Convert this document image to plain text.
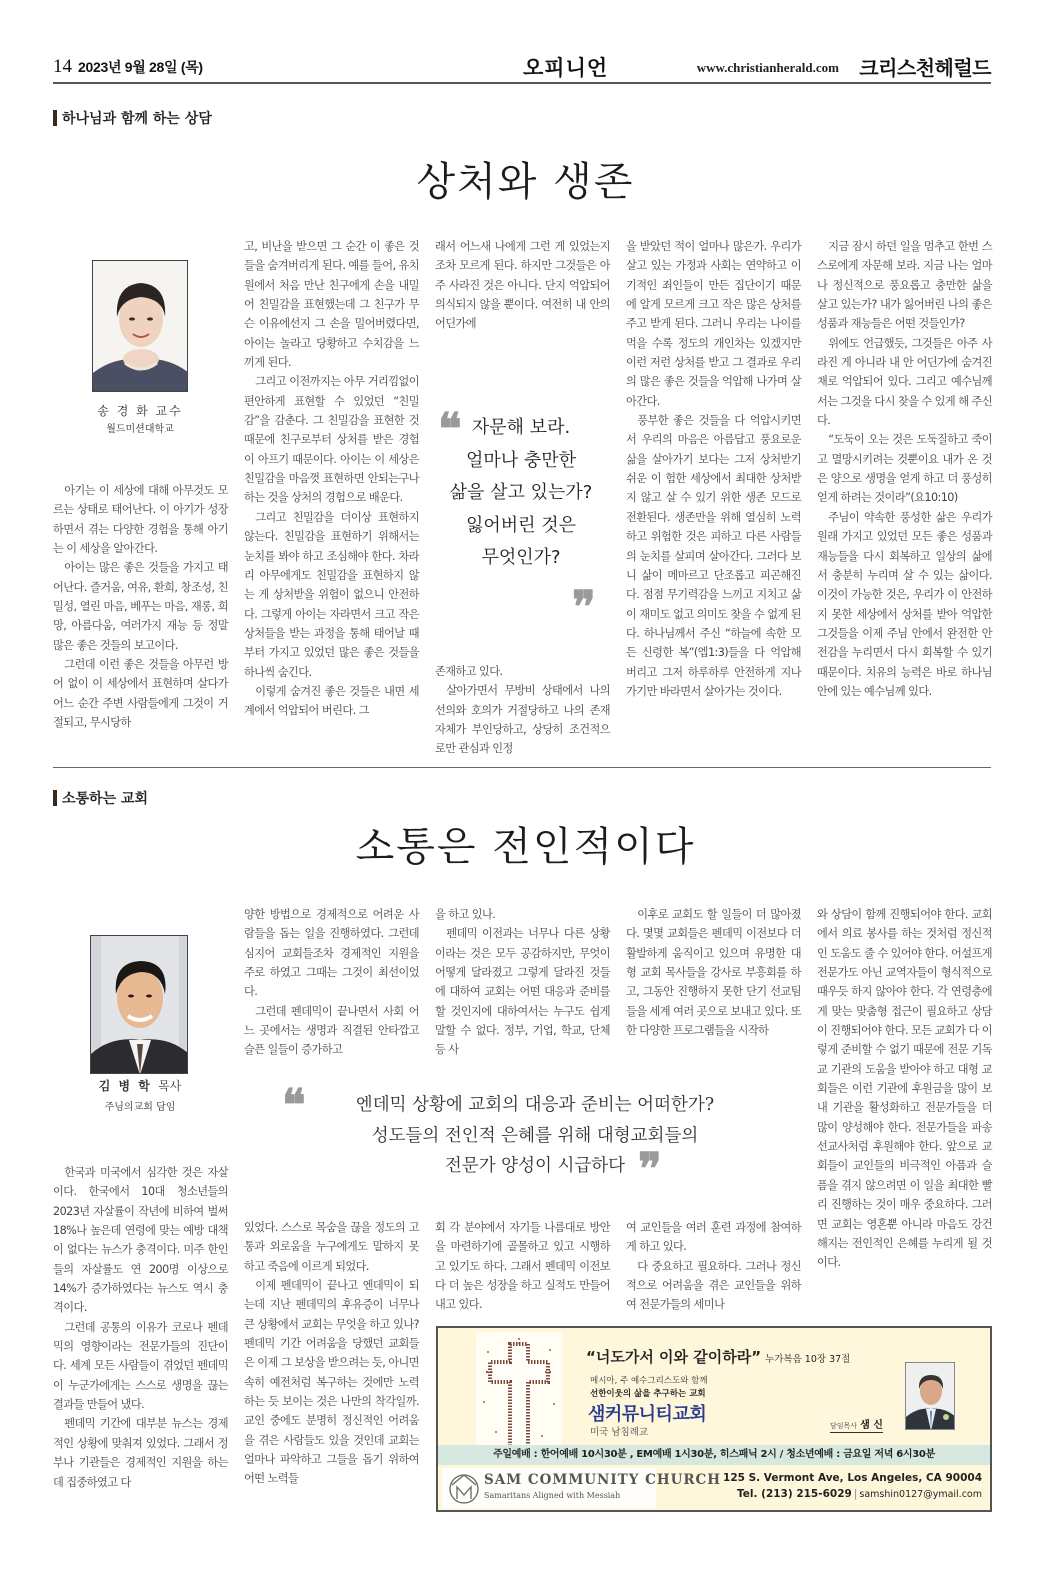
14 2023년 9월 28일 (목)	오피니언	www.christianherald.com 크리스천헤럴드
하나님과 함께 하는 상담
상처와 생존
송 경 화 교수
월드미션대학교

아기는 이 세상에 대해 아무것도 모르는 상태로 태어난다. 이 아기가 성장하면서 겪는 다양한 경험을 통해 아기는 이 세상을 알아간다.

아이는 많은 좋은 것들을 가지고 태어난다. 즐거움, 여유, 환희, 창조성, 친밀성, 열린 마음, 베푸는 마음, 재롱, 희망, 아름다움, 여러가지 재능 등 정말 많은 좋은 것들의 보고이다.

그런데 이런 좋은 것들을 아무런 방어 없이 이 세상에서 표현하며 살다가 어느 순간 주변 사람들에게 그것이 거절되고, 무시당하

고, 비난을 받으면 그 순간 이 좋은 것들을 숨겨버리게 된다. 예를 들어, 유치원에서 처음 만난 친구에게 손을 내밀어 친밀감을 표현했는데 그 친구가 무슨 이유에선지 그 손을 밀어버렸다면, 아이는 놀라고 당황하고 수치감을 느끼게 된다.

그리고 이전까지는 아무 거리낌없이 편안하게 표현할 수 있었던 “친밀감”을 감춘다. 그 친밀감을 표현한 것 때문에 친구로부터 상처를 받은 경험이 아프기 때문이다. 아이는 이 세상은 친밀감을 마음껏 표현하면 안되는구나 하는 것을 상처의 경험으로 배운다.

그리고 친밀감을 더이상 표현하지 않는다. 친밀감을 표현하기 위해서는 눈치를 봐야 하고 조심해야 한다. 차라리 아무에게도 친밀감을 표현하지 않는 게 상처받을 위험이 없으니 안전하다. 그렇게 아이는 자라면서 크고 작은 상처들을 받는 과정을 통해 태어날 때부터 가지고 있었던 많은 좋은 것들을 하나씩 숨긴다.

이렇게 숨겨진 좋은 것들은 내면 세계에서 억압되어 버린다. 그

래서 어느새 나에게 그런 게 있었는지조차 모르게 된다. 하지만 그것들은 아주 사라진 것은 아니다. 단지 억압되어 의식되지 않을 뿐이다. 여전히 내 안의 어딘가에

❝ 자문해 보라.
얼마나 충만한
삶을 살고 있는가?
잃어버린 것은
무엇인가?
❞

존재하고 있다.

살아가면서 무방비 상태에서 나의 선의와 호의가 거절당하고 나의 존재 자체가 부인당하고, 상당히 조건적으로만 관심과 인정

을 받았던 적이 얼마나 많은가. 우리가 살고 있는 가정과 사회는 연약하고 이기적인 죄인들이 만든 집단이기 때문에 알게 모르게 크고 작은 많은 상처를 주고 받게 된다. 그러니 우리는 나이를 먹을 수록 정도의 개인차는 있겠지만 이런 저런 상처를 받고 그 결과로 우리의 많은 좋은 것들을 억압해 나가며 살아간다.

풍부한 좋은 것들을 다 억압시키면서 우리의 마음은 아름답고 풍요로운 삶을 살아가기 보다는 그저 상처받기 쉬운 이 험한 세상에서 최대한 상처받지 않고 살 수 있기 위한 생존 모드로 전환된다. 생존만을 위해 열심히 노력하고 위험한 것은 피하고 다른 사람들의 눈치를 살피며 살아간다. 그러다 보니 삶이 메마르고 단조롭고 피곤해진다. 점점 무기력감을 느끼고 지치고 삶이 재미도 없고 의미도 찾을 수 없게 된다. 하나님께서 주신 “하늘에 속한 모든 신령한 복”(엡1:3)들을 다 억압해 버리고 그저 하루하루 안전하게 지나가기만 바라면서 살아가는 것이다.

지금 잠시 하던 일을 멈추고 한번 스스로에게 자문해 보라. 지금 나는 얼마나 정신적으로 풍요롭고 충만한 삶을 살고 있는가? 내가 잃어버린 나의 좋은 성품과 재능들은 어떤 것들인가?

위에도 언급했듯, 그것들은 아주 사라진 게 아니라 내 안 어딘가에 숨겨진 채로 억압되어 있다. 그리고 예수님께서는 그것을 다시 찾을 수 있게 해 주신다.

“도둑이 오는 것은 도둑질하고 죽이고 멸망시키려는 것뿐이요 내가 온 것은 양으로 생명을 얻게 하고 더 풍성히 얻게 하려는 것이라”(요10:10)

주님이 약속한 풍성한 삶은 우리가 원래 가지고 있었던 모든 좋은 성품과 재능들을 다시 회복하고 일상의 삶에서 충분히 누리며 살 수 있는 삶이다. 이것이 가능한 것은, 우리가 이 안전하지 못한 세상에서 상처를 받아 억압한 그것들을 이제 주님 안에서 완전한 안전감을 누리면서 다시 회복할 수 있기 때문이다. 치유의 능력은 바로 하나님 안에 있는 예수님께 있다.

소통하는 교회
소통은 전인적이다
김 병 학 목사
주님의교회 담임

한국과 미국에서 심각한 것은 자살이다. 한국에서 10대 청소년들의 2023년 자살률이 작년에 비하여 벌써 18%나 높은데 연령에 맞는 예방 대책이 없다는 뉴스가 충격이다. 미주 한인들의 자살률도 연 200명 이상으로 14%가 증가하였다는 뉴스도 역시 충격이다.

그런데 공통의 이유가 코로나 펜데믹의 영향이라는 전문가들의 진단이다. 세계 모든 사람들이 겪었던 펜데믹이 누군가에게는 스스로 생명을 끊는 결과들 만들어 냈다.

펜데믹 기간에 대부분 뉴스는 경제적인 상황에 맞춰져 있었다. 그래서 정부나 기관들은 경제적인 지원을 하는데 집중하였고 다

양한 방법으로 경제적으로 어려운 사람들을 돕는 일을 진행하였다. 그런데 심지어 교회들조차 경제적인 지원을 주로 하였고 그때는 그것이 최선이었다.

그런데 펜데믹이 끝나면서 사회 어느 곳에서는 생명과 직결된 안타깝고 슬픈 일들이 증가하고

있었다. 스스로 목숨을 끊을 정도의 고통과 외로움을 누구에게도 말하지 못하고 죽음에 이르게 되었다.

이제 펜데믹이 끝나고 엔데믹이 되는데 지난 펜데믹의 후유증이 너무나 큰 상황에서 교회는 무엇을 하고 있나? 펜데믹 기간 어려움을 당했던 교회들은 이제 그 보상을 받으려는 듯, 아니면 속히 예전처럼 복구하는 것에만 노력하는 듯 보이는 것은 나만의 착각일까. 교인 중에도 분명히 정신적인 어려움을 겪은 사람들도 있을 것인데 교회는 얼마나 파악하고 그들을 돕기 위하여 어떤 노력들

을 하고 있나.

펜데믹 이전과는 너무나 다른 상황이라는 것은 모두 공감하지만, 무엇이 어떻게 달라졌고 그렇게 달라진 것들에 대하여 교회는 어떤 대응과 준비를 할 것인지에 대하여서는 누구도 쉽게 말할 수 없다. 정부, 기업, 학교, 단체 등 사

회 각 분야에서 자기들 나름대로 방안을 마련하기에 골몰하고 있고 시행하고 있기도 하다. 그래서 펜데믹 이전보다 더 높은 성장을 하고 실적도 만들어 내고 있다.

이후로 교회도 할 일들이 더 많아졌다. 몇몇 교회들은 펜데믹 이전보다 더 활발하게 움직이고 있으며 유명한 대형 교회 목사들을 강사로 부흥회를 하고, 그동안 진행하지 못한 단기 선교팀들을 세계 여러 곳으로 보내고 있다. 또한 다양한 프로그램들을 시작하

여 교인들을 여러 훈련 과정에 참여하게 하고 있다.

다 중요하고 필요하다. 그러나 정신적으로 어려움을 겪은 교인들을 위하여 전문가들의 세미나

와 상담이 함께 진행되어야 한다. 교회에서 의료 봉사를 하는 것처럼 정신적인 도움도 줄 수 있어야 한다. 어설프게 전문가도 아닌 교역자들이 형식적으로 때우듯 하지 않아야 한다. 각 연령층에게 맞는 맞춤형 접근이 필요하고 상담이 진행되어야 한다. 모든 교회가 다 이렇게 준비할 수 없기 때문에 전문 기독교 기관의 도움을 받아야 하고 대형 교회들은 이런 기관에 후원금을 많이 보내 기관을 활성화하고 전문가들을 더 많이 양성해야 한다. 전문가들을 파송 선교사처럼 후원해야 한다. 앞으로 교회들이 교인들의 비극적인 아픔과 슬픔을 겪지 않으려면 이 일을 최대한 빨리 진행하는 것이 매우 중요하다. 그러면 교회는 영혼뿐 아니라 마음도 강건해지는 전인적인 은혜를 누리게 될 것이다.

❝	엔데믹 상황에 교회의 대응과 준비는 어떠한가?
성도들의 전인적 은혜를 위해 대형교회들의
전문가 양성이 시급하다 ❞
“너도가서 이와 같이하라” 누가복음 10장 37절
메시아, 주 예수그리스도와 함께
선한이웃의 삶을 추구하는 교회
샘커뮤니티교회
미국 남침례교
담임목사 샘 신
주일예배 : 한어예배 10시30분 , EM예배 1시30분, 히스패닉 2시 / 청소년예배 : 금요일 저녁 6시30분
SAM COMMUNITY CHURCH
Samaritans Aligned with Messiah
125 S. Vermont Ave, Los Angeles, CA 90004
Tel. (213) 215-6029 | samshin0127@ymail.com
